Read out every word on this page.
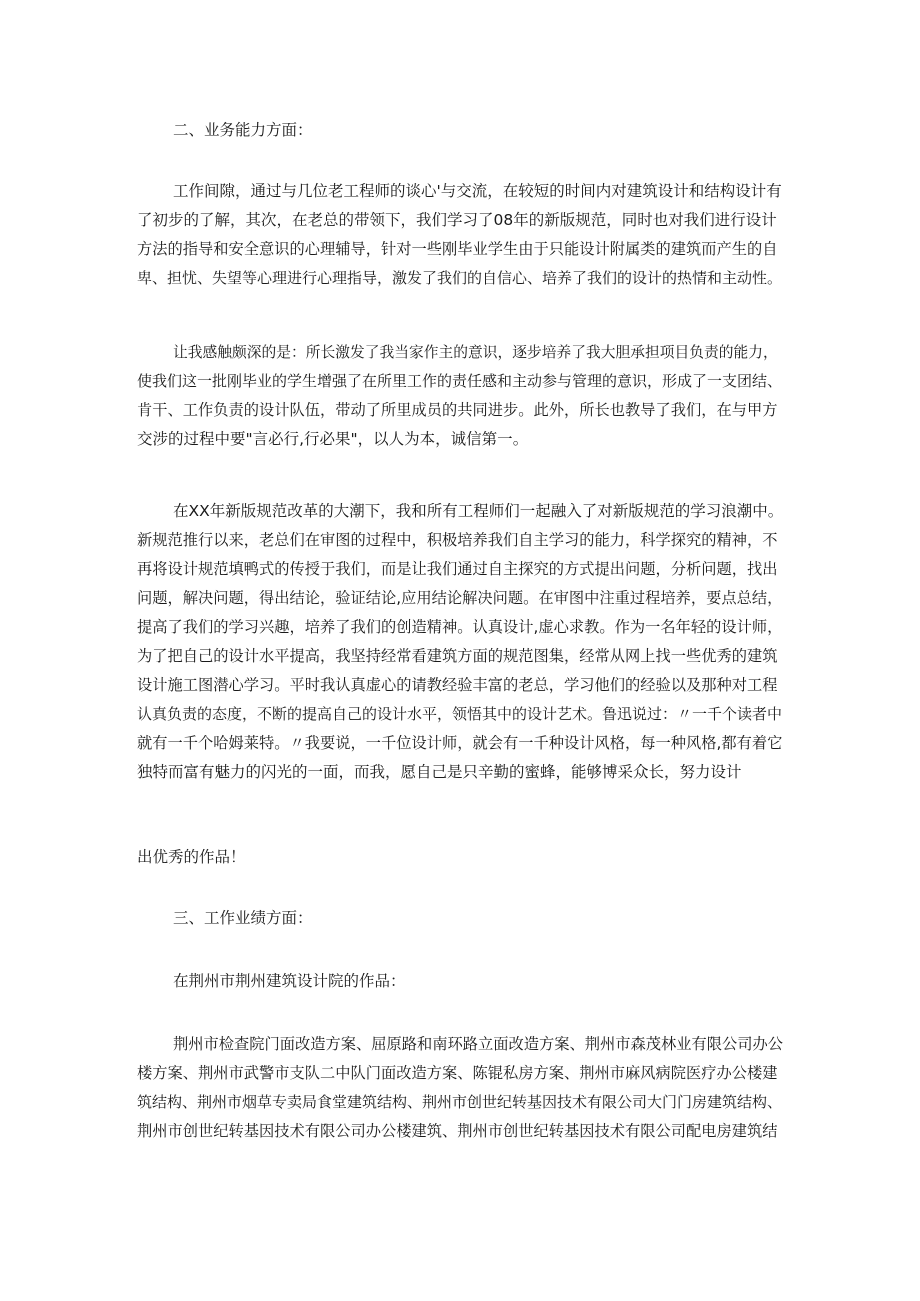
二、业务能力方面：

工作间隙，通过与几位老工程师的谈心'与交流，在较短的时间内对建筑设计和结构设计有
了初步的了解，其次，在老总的带领下，我们学习了08年的新版规范，同时也对我们进行设计
方法的指导和安全意识的心理辅导，针对一些刚毕业学生由于只能设计附属类的建筑而产生的自
卑、担忧、失望等心理进行心理指导，激发了我们的自信心、培养了我们的设计的热情和主动性。

让我感触颇深的是：所长激发了我当家作主的意识，逐步培养了我大胆承担项目负责的能力，
使我们这一批刚毕业的学生增强了在所里工作的责任感和主动参与管理的意识，形成了一支团结、
肯干、工作负责的设计队伍，带动了所里成员的共同进步。此外，所长也教导了我们，在与甲方
交涉的过程中要"言必行,行必果"，以人为本，诚信第一。

在XX年新版规范改革的大潮下，我和所有工程师们一起融入了对新版规范的学习浪潮中。
新规范推行以来，老总们在审图的过程中，积极培养我们自主学习的能力，科学探究的精神，不
再将设计规范填鸭式的传授于我们，而是让我们通过自主探究的方式提出问题，分析问题，找出
问题，解决问题，得出结论，验证结论,应用结论解决问题。在审图中注重过程培养，要点总结，
提高了我们的学习兴趣，培养了我们的创造精神。认真设计,虚心求教。作为一名年轻的设计师，
为了把自己的设计水平提高，我坚持经常看建筑方面的规范图集，经常从网上找一些优秀的建筑
设计施工图潜心学习。平时我认真虚心的请教经验丰富的老总，学习他们的经验以及那种对工程
认真负责的态度，不断的提高自己的设计水平，领悟其中的设计艺术。鲁迅说过：〃一千个读者中
就有一千个哈姆莱特。〃我要说，一千位设计师，就会有一千种设计风格，每一种风格,都有着它
独特而富有魅力的闪光的一面，而我，愿自己是只辛勤的蜜蜂，能够博采众长，努力设计

出优秀的作品！

三、工作业绩方面：

在荆州市荆州建筑设计院的作品：

荆州市检查院门面改造方案、屈原路和南环路立面改造方案、荆州市森茂林业有限公司办公
楼方案、荆州市武警市支队二中队门面改造方案、陈锟私房方案、荆州市麻风病院医疗办公楼建
筑结构、荆州市烟草专卖局食堂建筑结构、荆州市创世纪转基因技术有限公司大门门房建筑结构、
荆州市创世纪转基因技术有限公司办公楼建筑、荆州市创世纪转基因技术有限公司配电房建筑结
